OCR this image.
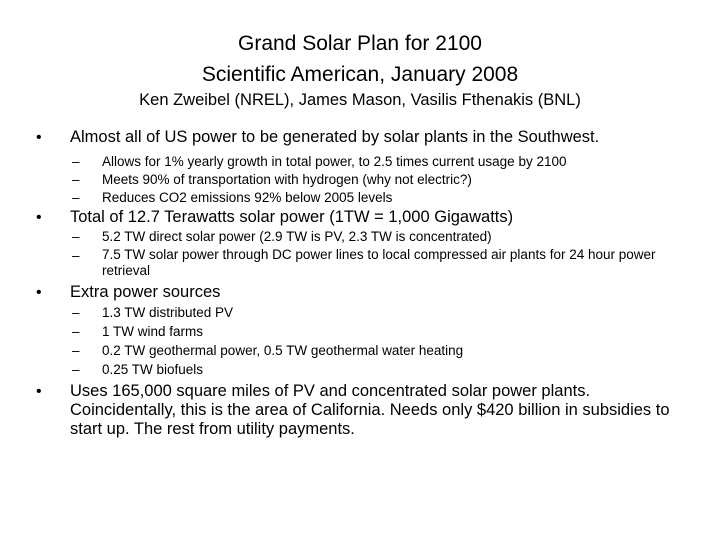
Grand Solar Plan for 2100
Scientific American, January 2008
Ken Zweibel (NREL), James Mason, Vasilis Fthenakis (BNL)
• Almost all of US power to be generated by solar plants in the Southwest.
– Allows for 1% yearly growth in total power, to 2.5 times current usage by 2100
– Meets 90% of transportation with hydrogen (why not electric?)
– Reduces CO2 emissions 92% below 2005 levels
• Total of 12.7 Terawatts solar power (1TW = 1,000 Gigawatts)
– 5.2 TW direct solar power (2.9 TW is PV, 2.3 TW is concentrated)
– 7.5 TW solar power through DC power lines to local compressed air plants for 24 hour power retrieval
• Extra power sources
– 1.3 TW distributed PV
– 1 TW wind farms
– 0.2 TW geothermal power, 0.5 TW geothermal water heating
– 0.25 TW biofuels
• Uses 165,000 square miles of PV and concentrated solar power plants. Coincidentally, this is the area of California. Needs only $420 billion in subsidies to start up. The rest from utility payments.
